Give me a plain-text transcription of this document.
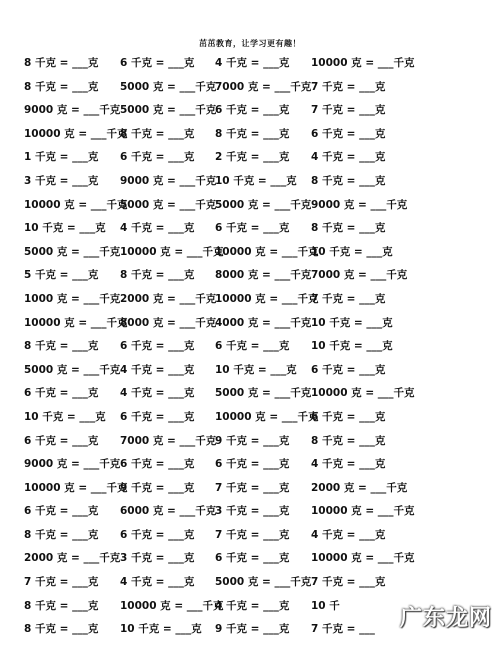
茁茁教育，让学习更有趣！
8 千克 = ___克 6 千克 = ___克 4 千克 = ___克 10000 克 = ___千克
8 千克 = ___克 5000 克 = ___千克
7000 克 = ___千克 7 千克 = ___克
9000 克 = ___千克 5000 克 = ___千克
6 千克 = ___克 7 千克 = ___克
10000 克 = ___千克
8 千克 = ___克 8 千克 = ___克 6 千克 = ___克
1 千克 = ___克 6 千克 = ___克 2 千克 = ___克 4 千克 = ___克
3 千克 = ___克 9000 克 = ___千克
10 千克 = ___克 8 千克 = ___克
10000 克 = ___千克
5000 克 = ___千克
5000 克 = ___千克 9000 克 = ___千克
10 千克 = ___克 4 千克 = ___克 6 千克 = ___克 8 千克 = ___克
5000 克 = ___千克 10000 克 = ___千克
10000 克 = ___千克
10 千克 = ___克
5 千克 = ___克 8 千克 = ___克 8000 克 = ___千克 7000 克 = ___千克
1000 克 = ___千克 2000 克 = ___千克
10000 克 = ___千克
7 千克 = ___克
10000 克 = ___千克
8000 克 = ___千克
4000 克 = ___千克 10 千克 = ___克
8 千克 = ___克 6 千克 = ___克 6 千克 = ___克 10 千克 = ___克
5000 克 = ___千克 4 千克 = ___克 10 千克 = ___克 6 千克 = ___克
6 千克 = ___克 4 千克 = ___克 5000 克 = ___千克 10000 克 = ___千克
10 千克 = ___克 6 千克 = ___克 10000 克 = ___千克
6 千克 = ___克
6 千克 = ___克 7000 克 = ___千克
9 千克 = ___克 8 千克 = ___克
9000 克 = ___千克 6 千克 = ___克 6 千克 = ___克 4 千克 = ___克
10000 克 = ___千克
9 千克 = ___克 7 千克 = ___克 2000 克 = ___千克
6 千克 = ___克 6000 克 = ___千克
3 千克 = ___克 10000 克 = ___千克
8 千克 = ___克 6 千克 = ___克 7 千克 = ___克 4 千克 = ___克
2000 克 = ___千克 3 千克 = ___克 6 千克 = ___克 10000 克 = ___千克
7 千克 = ___克 4 千克 = ___克 5000 克 = ___千克 7 千克 = ___克
8 千克 = ___克 10000 克 = ___千克
4 千克 = ___克 10 千
8 千克 = ___克 10 千克 = ___克 9 千克 = ___克 7 千克 = ___ 广东龙网
